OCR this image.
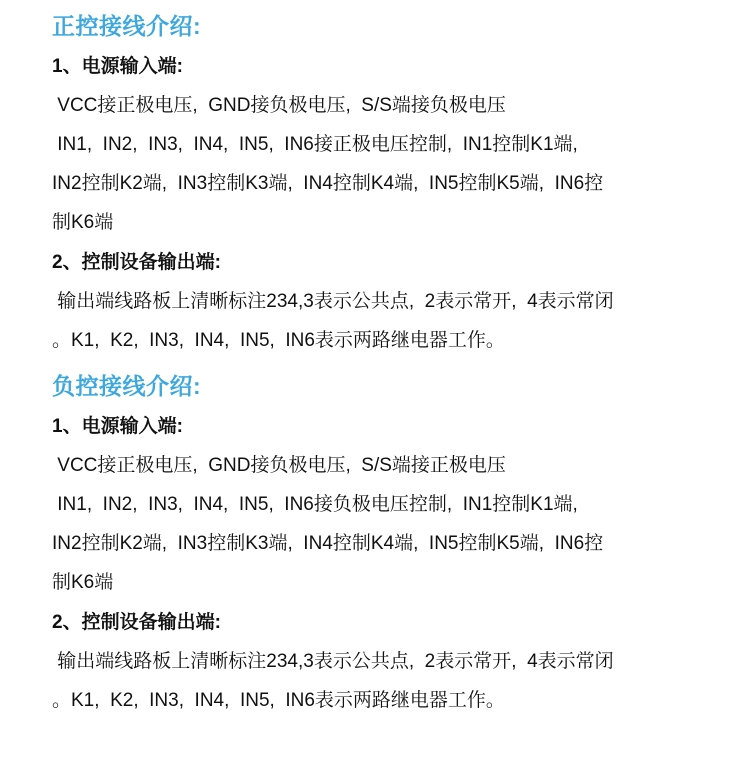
正控接线介绍:

1、电源输入端:

VCC接正极电压,  GND接负极电压,  S/S端接负极电压

IN1,  IN2,  IN3,  IN4,  IN5,  IN6接正极电压控制,  IN1控制K1端,

IN2控制K2端,  IN3控制K3端,  IN4控制K4端,  IN5控制K5端,  IN6控

制K6端

2、控制设备输出端:

输出端线路板上清晰标注234,3表示公共点,  2表示常开,  4表示常闭

。K1,  K2,  IN3,  IN4,  IN5,  IN6表示两路继电器工作。

负控接线介绍:

1、电源输入端:

VCC接正极电压,  GND接负极电压,  S/S端接正极电压

IN1,  IN2,  IN3,  IN4,  IN5,  IN6接负极电压控制,  IN1控制K1端,

IN2控制K2端,  IN3控制K3端,  IN4控制K4端,  IN5控制K5端,  IN6控

制K6端

2、控制设备输出端:

输出端线路板上清晰标注234,3表示公共点,  2表示常开,  4表示常闭

。K1,  K2,  IN3,  IN4,  IN5,  IN6表示两路继电器工作。
